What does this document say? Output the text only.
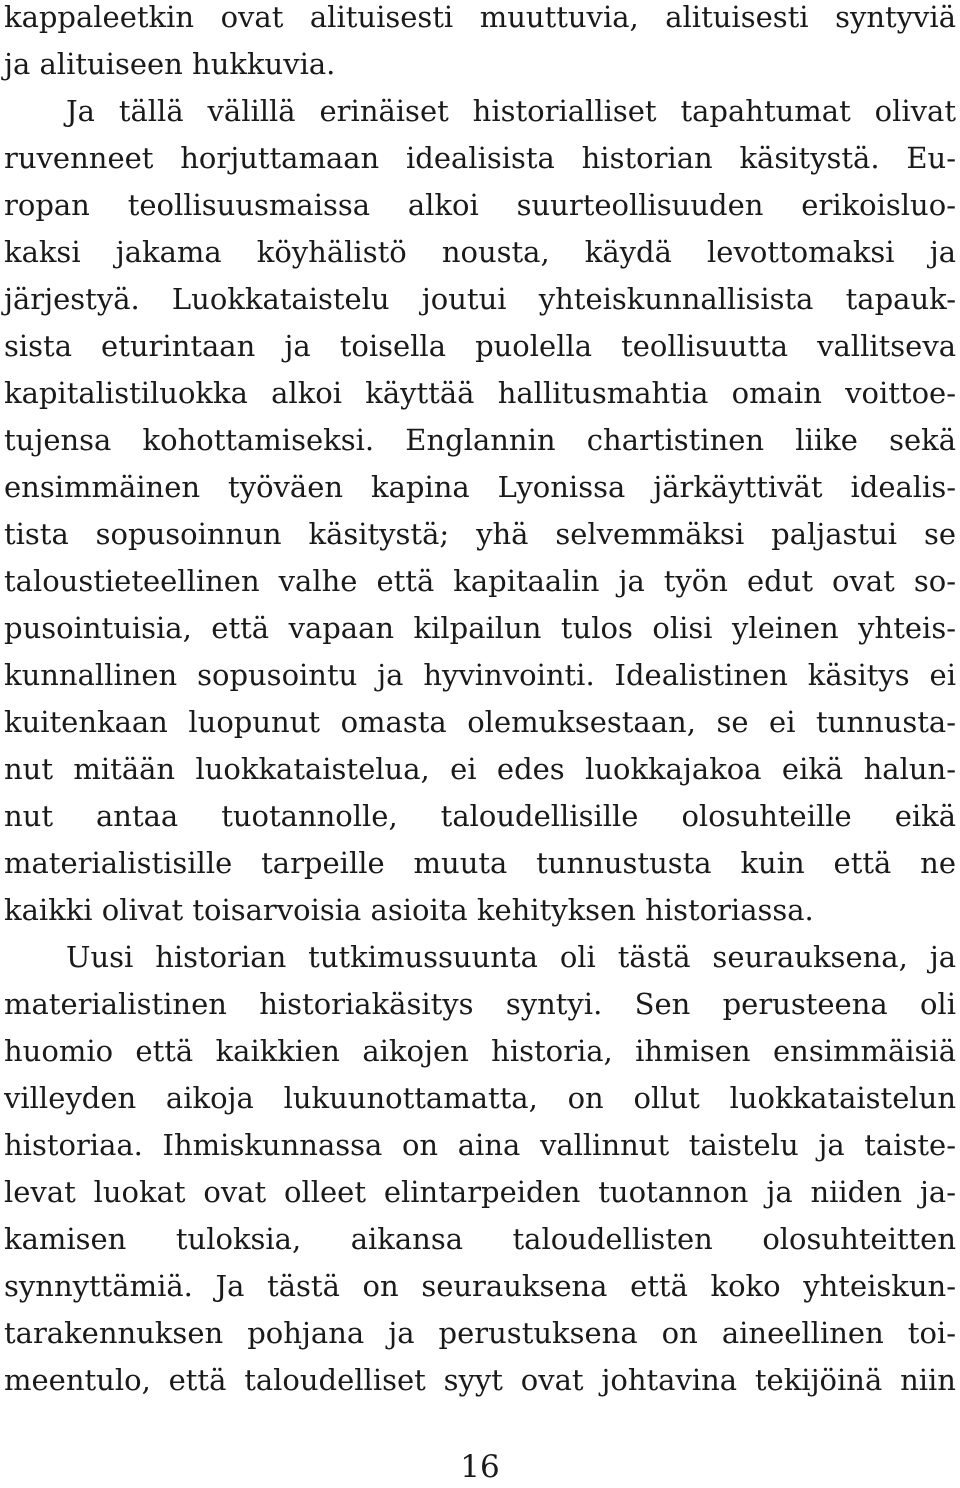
kappaleetkin ovat alituisesti muuttuvia, alituisesti syntyviä
ja alituiseen hukkuvia.
Ja tällä välillä erinäiset historialliset tapahtumat olivat
ruvenneet horjuttamaan idealisista historian käsitystä. Eu-
ropan teollisuusmaissa alkoi suurteollisuuden erikoisluo-
kaksi jakama köyhälistö nousta, käydä levottomaksi ja
järjestyä. Luokkataistelu joutui yhteiskunnallisista tapauk-
sista eturintaan ja toisella puolella teollisuutta vallitseva
kapitalistiluokka alkoi käyttää hallitusmahtia omain voittoe-
tujensa kohottamiseksi. Englannin chartistinen liike sekä
ensimmäinen työväen kapina Lyonissa järkäyttivät idealis-
tista sopusoinnun käsitystä; yhä selvemmäksi paljastui se
taloustieteellinen valhe että kapitaalin ja työn edut ovat so-
pusointuisia, että vapaan kilpailun tulos olisi yleinen yhteis-
kunnallinen sopusointu ja hyvinvointi. Idealistinen käsitys ei
kuitenkaan luopunut omasta olemuksestaan, se ei tunnusta-
nut mitään luokkataistelua, ei edes luokkajakoa eikä halun-
nut antaa tuotannolle, taloudellisille olosuhteille eikä
materialistisille tarpeille muuta tunnustusta kuin että ne
kaikki olivat toisarvoisia asioita kehityksen historiassa.
Uusi historian tutkimussuunta oli tästä seurauksena, ja
materialistinen historiakäsitys syntyi. Sen perusteena oli
huomio että kaikkien aikojen historia, ihmisen ensimmäisiä
villeyden aikoja lukuunottamatta, on ollut luokkataistelun
historiaa. Ihmiskunnassa on aina vallinnut taistelu ja taiste-
levat luokat ovat olleet elintarpeiden tuotannon ja niiden ja-
kamisen tuloksia, aikansa taloudellisten olosuhteitten
synnyttämiä. Ja tästä on seurauksena että koko yhteiskun-
tarakennuksen pohjana ja perustuksena on aineellinen toi-
meentulo, että taloudelliset syyt ovat johtavina tekijöinä niin
16
